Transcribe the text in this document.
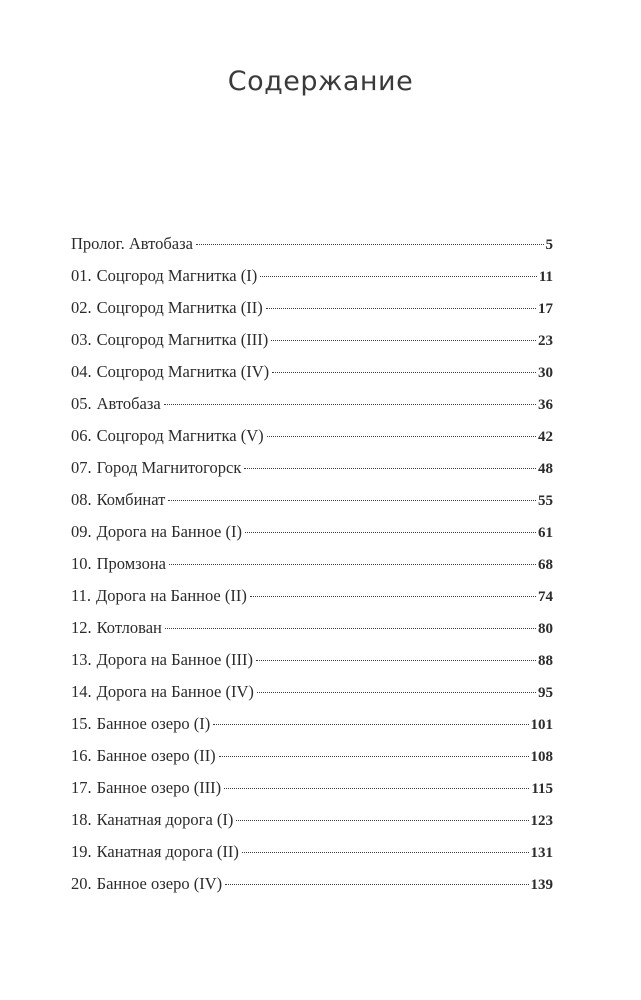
Содержание
Пролог. Автобаза	5
01. Соцгород Магнитка (I)	11
02. Соцгород Магнитка (II)	17
03. Соцгород Магнитка (III)	23
04. Соцгород Магнитка (IV)	30
05. Автобаза	36
06. Соцгород Магнитка (V)	42
07. Город Магнитогорск	48
08. Комбинат	55
09. Дорога на Банное (I)	61
10. Промзона	68
11. Дорога на Банное (II)	74
12. Котлован	80
13. Дорога на Банное (III)	88
14. Дорога на Банное (IV)	95
15. Банное озеро (I)	101
16. Банное озеро (II)	108
17. Банное озеро (III)	115
18. Канатная дорога (I)	123
19. Канатная дорога (II)	131
20. Банное озеро (IV)	139
